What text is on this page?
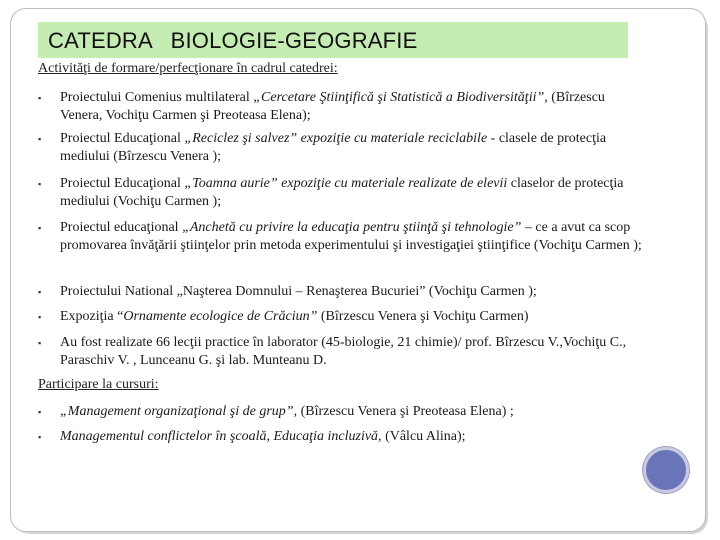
CATEDRA   BIOLOGIE-GEOGRAFIE
Activităţi de formare/perfecţionare în cadrul catedrei:
▪ Proiectului Comenius multilateral „Cercetare Ştiinţifică şi Statistică a Biodiversităţii”, (Bîrzescu Venera, Vochiţu Carmen şi Preoteasa Elena);
▪ Proiectul Educaţional „Reciclez şi salvez” expoziţie cu materiale reciclabile - clasele de protecţia mediului (Bîrzescu Venera );
▪ Proiectul Educaţional „Toamna aurie” expoziţie cu materiale realizate de elevii claselor de protecţia mediului (Vochiţu Carmen );
▪ Proiectul educaţional „Anchetă cu privire la educaţia pentru ştiinţă şi tehnologie” – ce a avut ca scop promovarea învăţării ştiinţelor prin metoda experimentului şi investigaţiei ştiinţifice (Vochiţu Carmen );
▪ Proiectului National „Naşterea Domnului – Renaşterea Bucuriei” (Vochiţu Carmen );
▪ Expoziţia “Ornamente ecologice de Crăciun” (Bîrzescu Venera şi Vochiţu Carmen)
▪ Au fost realizate 66 lecţii practice în laborator (45-biologie, 21 chimie)/ prof. Bîrzescu V.,Vochiţu C., Paraschiv V. , Lunceanu G. şi lab. Munteanu D.
Participare la cursuri:
▪ „Management organizaţional şi de grup”, (Bîrzescu Venera şi Preoteasa Elena) ;
▪ Managementul conflictelor în şcoală, Educaţia incluzivă, (Vâlcu Alina);
